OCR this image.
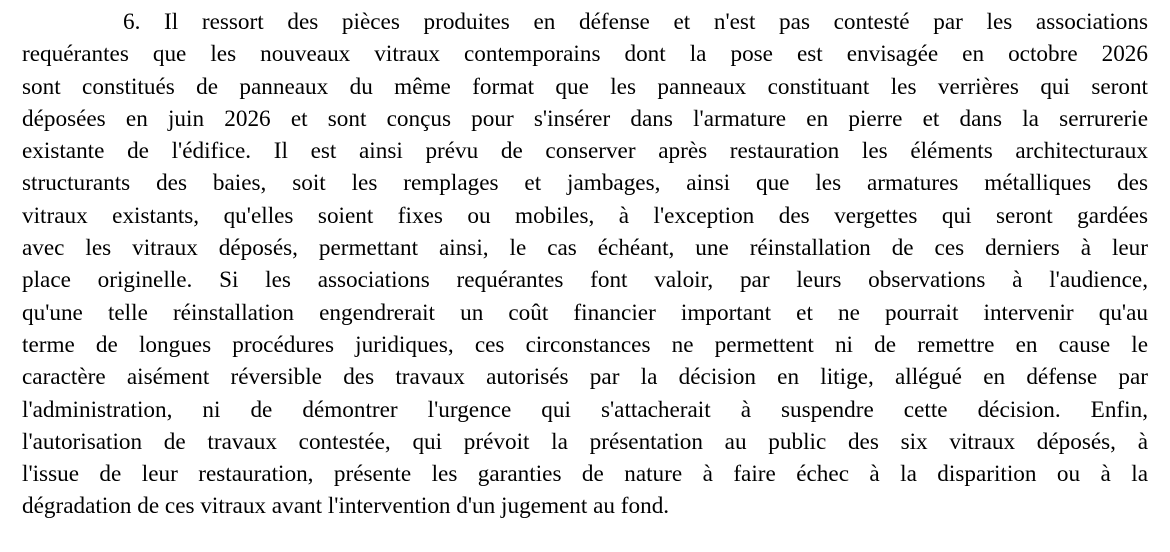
6. Il ressort des pièces produites en défense et n'est pas contesté par les associations
requérantes que les nouveaux vitraux contemporains dont la pose est envisagée en octobre 2026
sont constitués de panneaux du même format que les panneaux constituant les verrières qui seront
déposées en juin 2026 et sont conçus pour s'insérer dans l'armature en pierre et dans la serrurerie
existante de l'édifice. Il est ainsi prévu de conserver après restauration les éléments architecturaux
structurants des baies, soit les remplages et jambages, ainsi que les armatures métalliques des
vitraux existants, qu'elles soient fixes ou mobiles, à l'exception des vergettes qui seront gardées
avec les vitraux déposés, permettant ainsi, le cas échéant, une réinstallation de ces derniers à leur
place originelle. Si les associations requérantes font valoir, par leurs observations à l'audience,
qu'une telle réinstallation engendrerait un coût financier important et ne pourrait intervenir qu'au
terme de longues procédures juridiques, ces circonstances ne permettent ni de remettre en cause le
caractère aisément réversible des travaux autorisés par la décision en litige, allégué en défense par
l'administration, ni de démontrer l'urgence qui s'attacherait à suspendre cette décision. Enfin,
l'autorisation de travaux contestée, qui prévoit la présentation au public des six vitraux déposés, à
l'issue de leur restauration, présente les garanties de nature à faire échec à la disparition ou à la
dégradation de ces vitraux avant l'intervention d'un jugement au fond.
